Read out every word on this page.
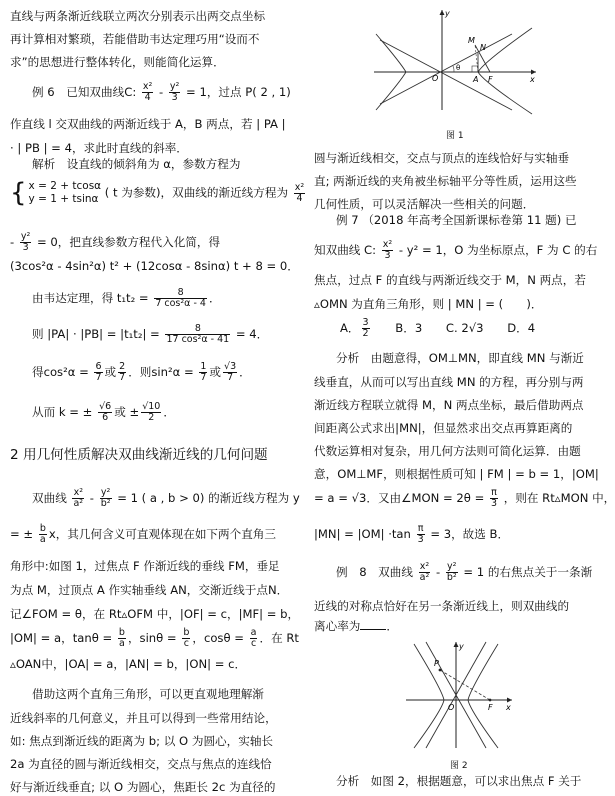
直线与两条渐近线联立两次分别表示出两交点坐标
再计算相对繁琐，若能借助韦达定理巧用“设而不
求”的思想进行整体转化，则能简化运算．
例 6　已知双曲线C: $\frac{\text{x²}}{4} - \frac{\text{y²}}{3} = 1$，过点 P( 2 , 1)
作直线 l 交双曲线的两渐近线于 A，B 两点，若 | PA |
· | PB | = 4，求此时直线的斜率．
解析　设直线的倾斜角为 α，参数方程为
{ x = 2 + tcosα
y = 1 + tsinα ( t 为参数)，双曲线的渐近线方程为 $\frac{\text{x²}}{4}$
- $\frac{\text{y²}}{3} = 0$，把直线参数方程代入化简，得
(3cos²α - 4sin²α) t² + (12cosα - 8sinα) t + 8 = 0．
由韦达定理，得 $t_1t_2 = \frac{8}{\text{7 cos²α - 4}}$ ．
则 $|PA| \cdot |PB| = |t_1t_2| = \frac{8}{\text{17 cos²α - 41}} = 4$．
得$\cos^2\alpha = \frac{6}{7}$ 或 $\frac{2}{7}$ ．则$\sin^2\alpha = \frac{1}{7}$ 或 $\frac{√3}{7}$ ．
从而 k = ± $\frac{√6}{6}$ 或 ± $\frac{√10}{2}$ ．
2 用几何性质解决双曲线渐近线的几何问题
双曲线 $\frac{\text{x²}}{\text{a²}} - \frac{\text{y²}}{\text{b²}} = 1$ ( a , b > 0) 的渐近线方程为 y
= ± $\frac{b}{a}$ x，其几何含义可直观体现在如下两个直角三
角形中:如图 1，过焦点 F 作渐近线的垂线 FM，垂足
为点 M，过顶点 A 作实轴垂线 AN，交渐近线于点N．
记∠FOM = θ，在 Rt▵OFM 中，|OF| = c，|MF| = b，
|OM| = a，$\tan\theta = \frac{b}{a}$ ，$\sin\theta = \frac{b}{c}$ ，$\cos\theta = \frac{a}{c}$ ．在 Rt
▵OAN中，|OA| = a，|AN| = b，|ON| = c．
借助这两个直角三角形，可以更直观地理解渐
近线斜率的几何意义，并且可以得到一些常用结论，
如: 焦点到渐近线的距离为 b; 以 O 为圆心，实轴长
2a 为直径的圆与渐近线相交，交点与焦点的连线恰
好与渐近线垂直; 以 O 为圆心，焦距长 2c 为直径的
y
x
O	A F
M
N
θ
图 1
圆与渐近线相交，交点与顶点的连线恰好与实轴垂
直; 两渐近线的夹角被坐标轴平分等性质，运用这些
几何性质，可以灵活解决一些相关的问题．
例 7 （2018 年高考全国新课标卷第 11 题) 已
知双曲线 C: $\frac{\text{x²}}{3} - y^2 = 1$，O 为坐标原点，F 为 C 的右
焦点，过点 F 的直线与两渐近线交于 M，N 两点，若
▵OMN 为直角三角形，则 | MN | = (　　)．
A． $\frac{3}{2}$ B．3 C. 2√3 D．4
分析　由题意得，OM⊥MN，即直线 MN 与渐近
线垂直，从而可以写出直线 MN 的方程，再分别与两
渐近线方程联立就得 M，N 两点坐标，最后借助两点
间距离公式求出|MN|，但显然求出交点再算距离的
代数运算相对复杂，用几何方法则可简化运算．由题
意，OM⊥MF，则根据性质可知 | FM | = b = 1，|OM|
= a = √3．又由∠MON = $2\theta = \frac{\pi}{3}$ ，则在 Rt▵MON 中，
$|MN| = |OM| \cdot\tan \frac{\pi}{3} = 3$，故选 B．
例　8　双曲线 $\frac{\text{x²}}{\text{a²}} - \frac{\text{y²}}{\text{b²}} = 1$ 的右焦点关于一条渐
近线的对称点恰好在另一条渐近线上，则双曲线的
离心率为 ．
y
x
O	F
P
图 2
分析　如图 2，根据题意，可以求出焦点 F 关于
